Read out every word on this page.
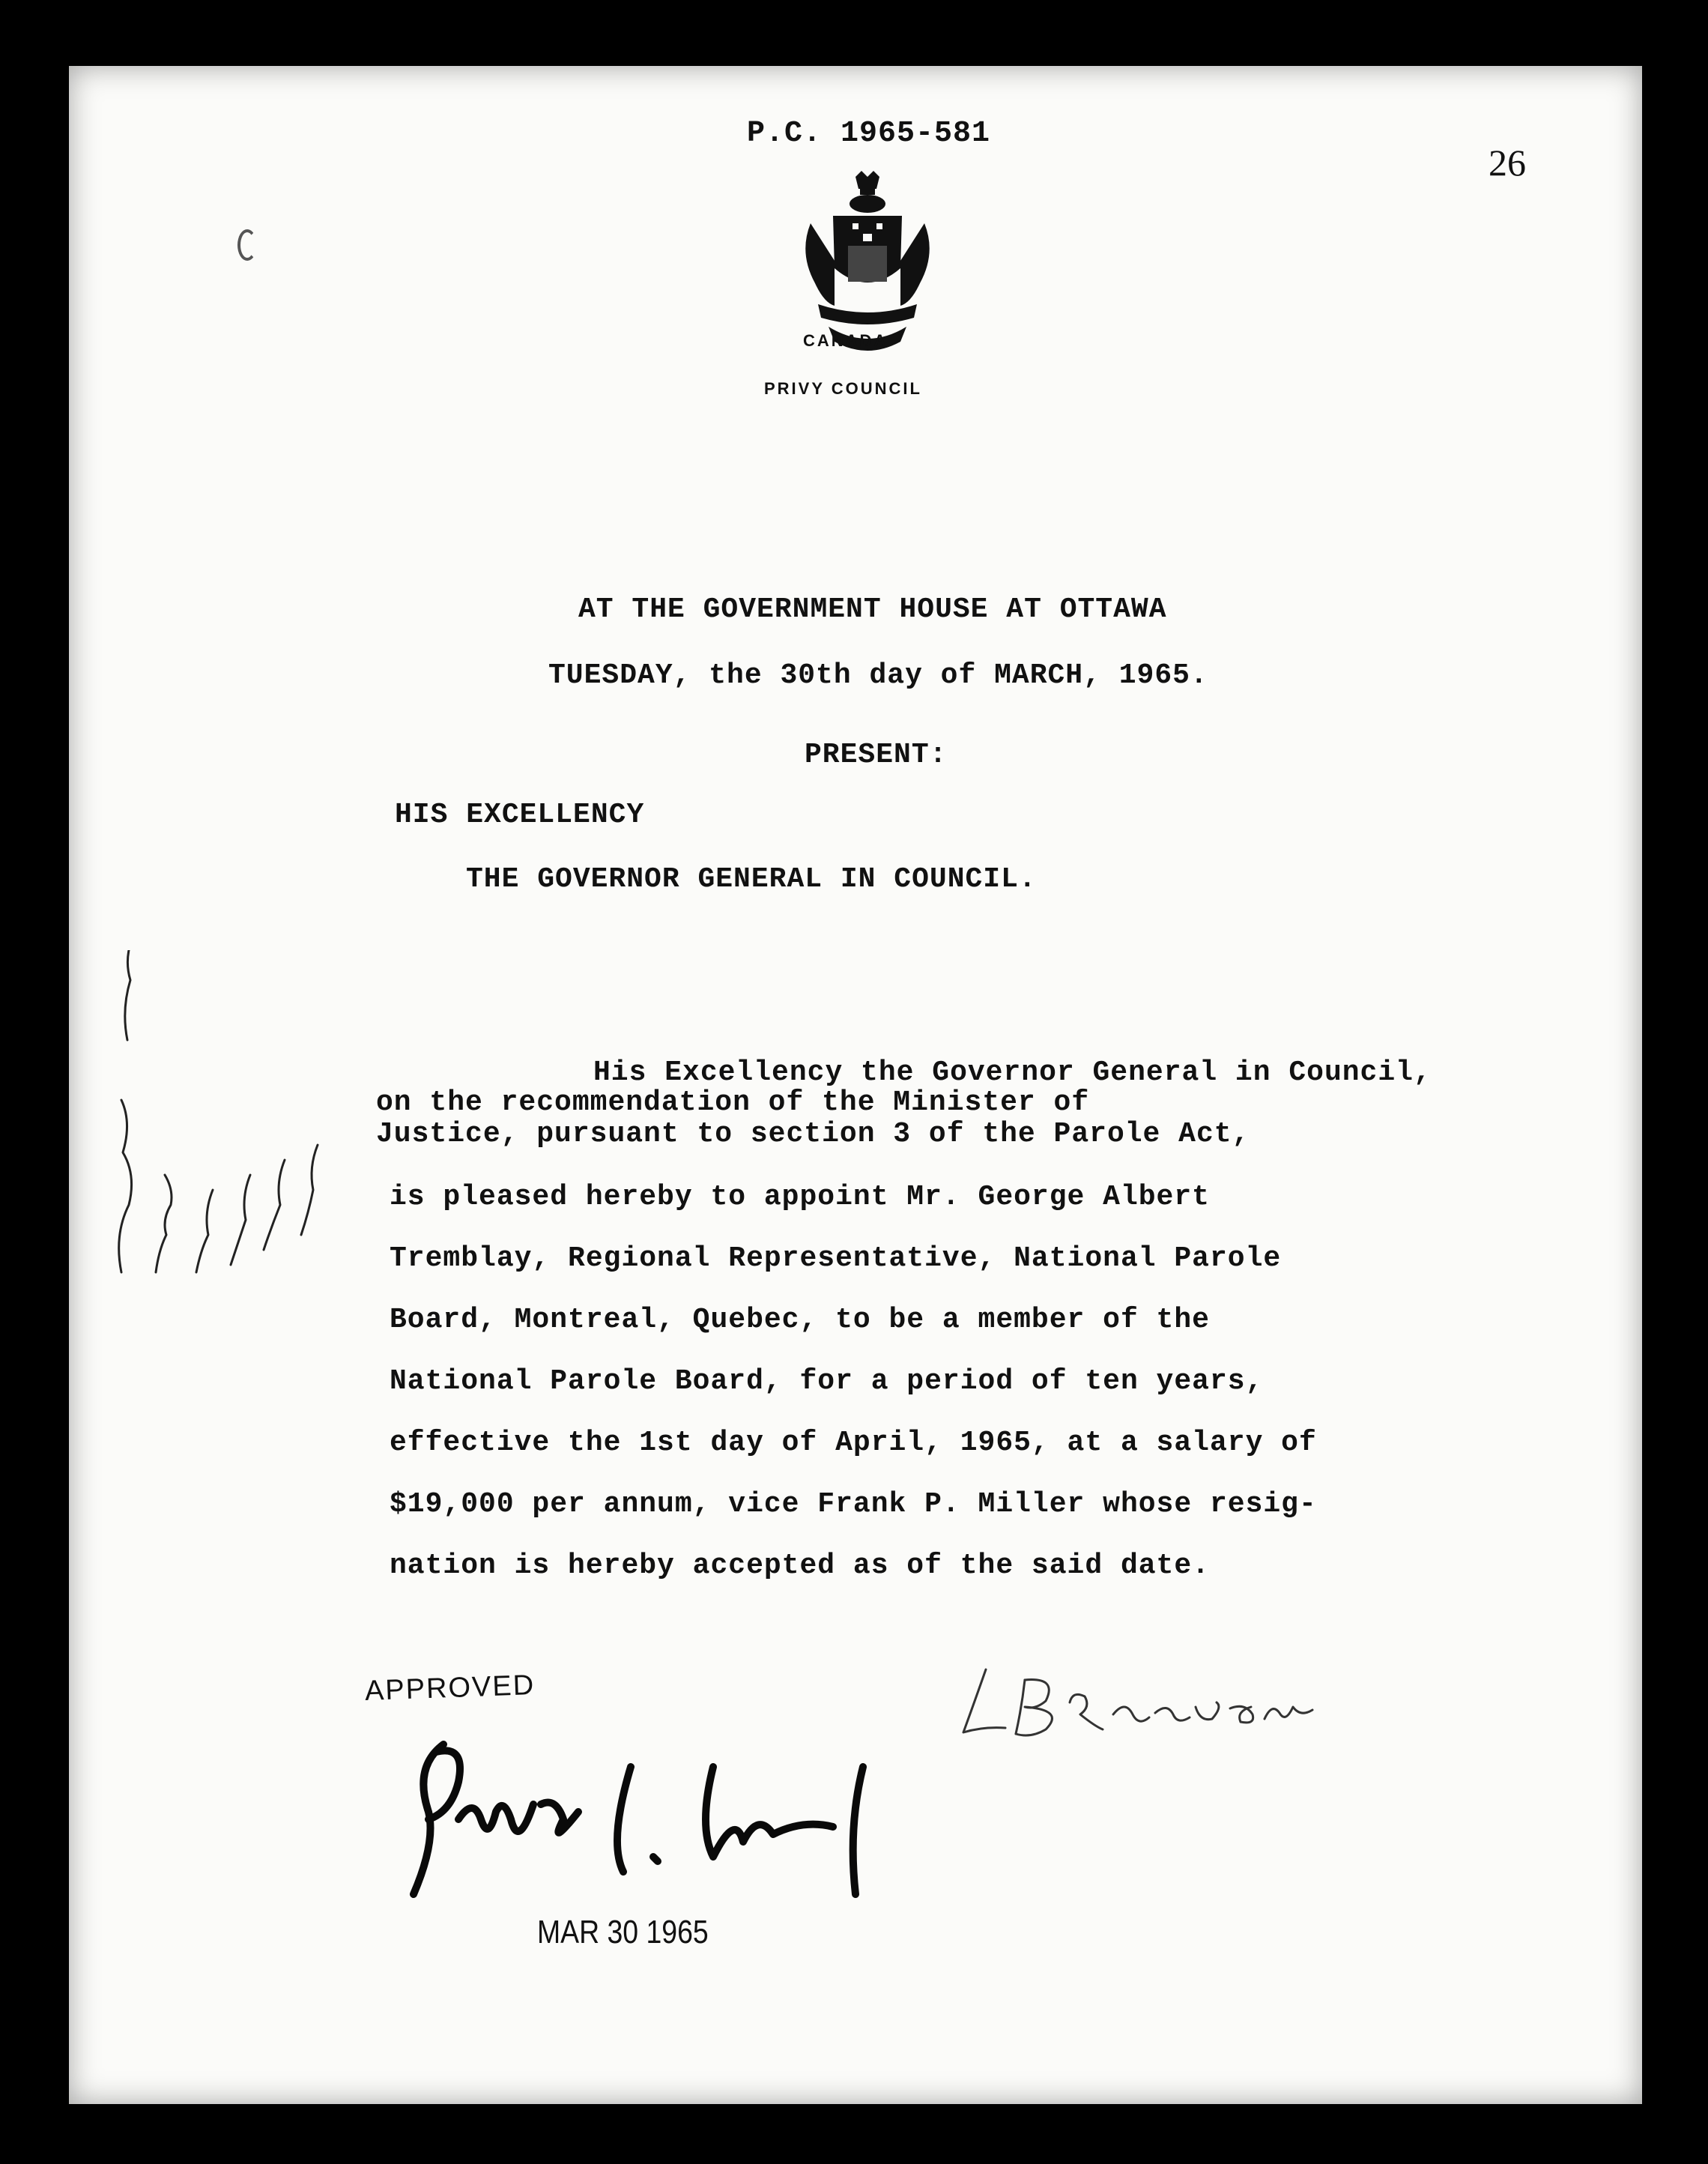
P.C. 1965-581
26
CANADA
PRIVY COUNCIL
AT THE GOVERNMENT HOUSE AT OTTAWA
TUESDAY, the 30th day of MARCH, 1965.
PRESENT:
HIS EXCELLENCY
THE GOVERNOR GENERAL IN COUNCIL.
His Excellency the Governor General in Council,
on the recommendation of the Minister of
Justice, pursuant to section 3 of the Parole Act,
is pleased hereby to appoint Mr. George Albert
Tremblay, Regional Representative, National Parole
Board, Montreal, Quebec, to be a member of the
National Parole Board, for a period of ten years,
effective the 1st day of April, 1965, at a salary of
$19,000 per annum, vice Frank P. Miller whose resig-
nation is hereby accepted as of the said date.
APPROVED
MAR 30 1965
